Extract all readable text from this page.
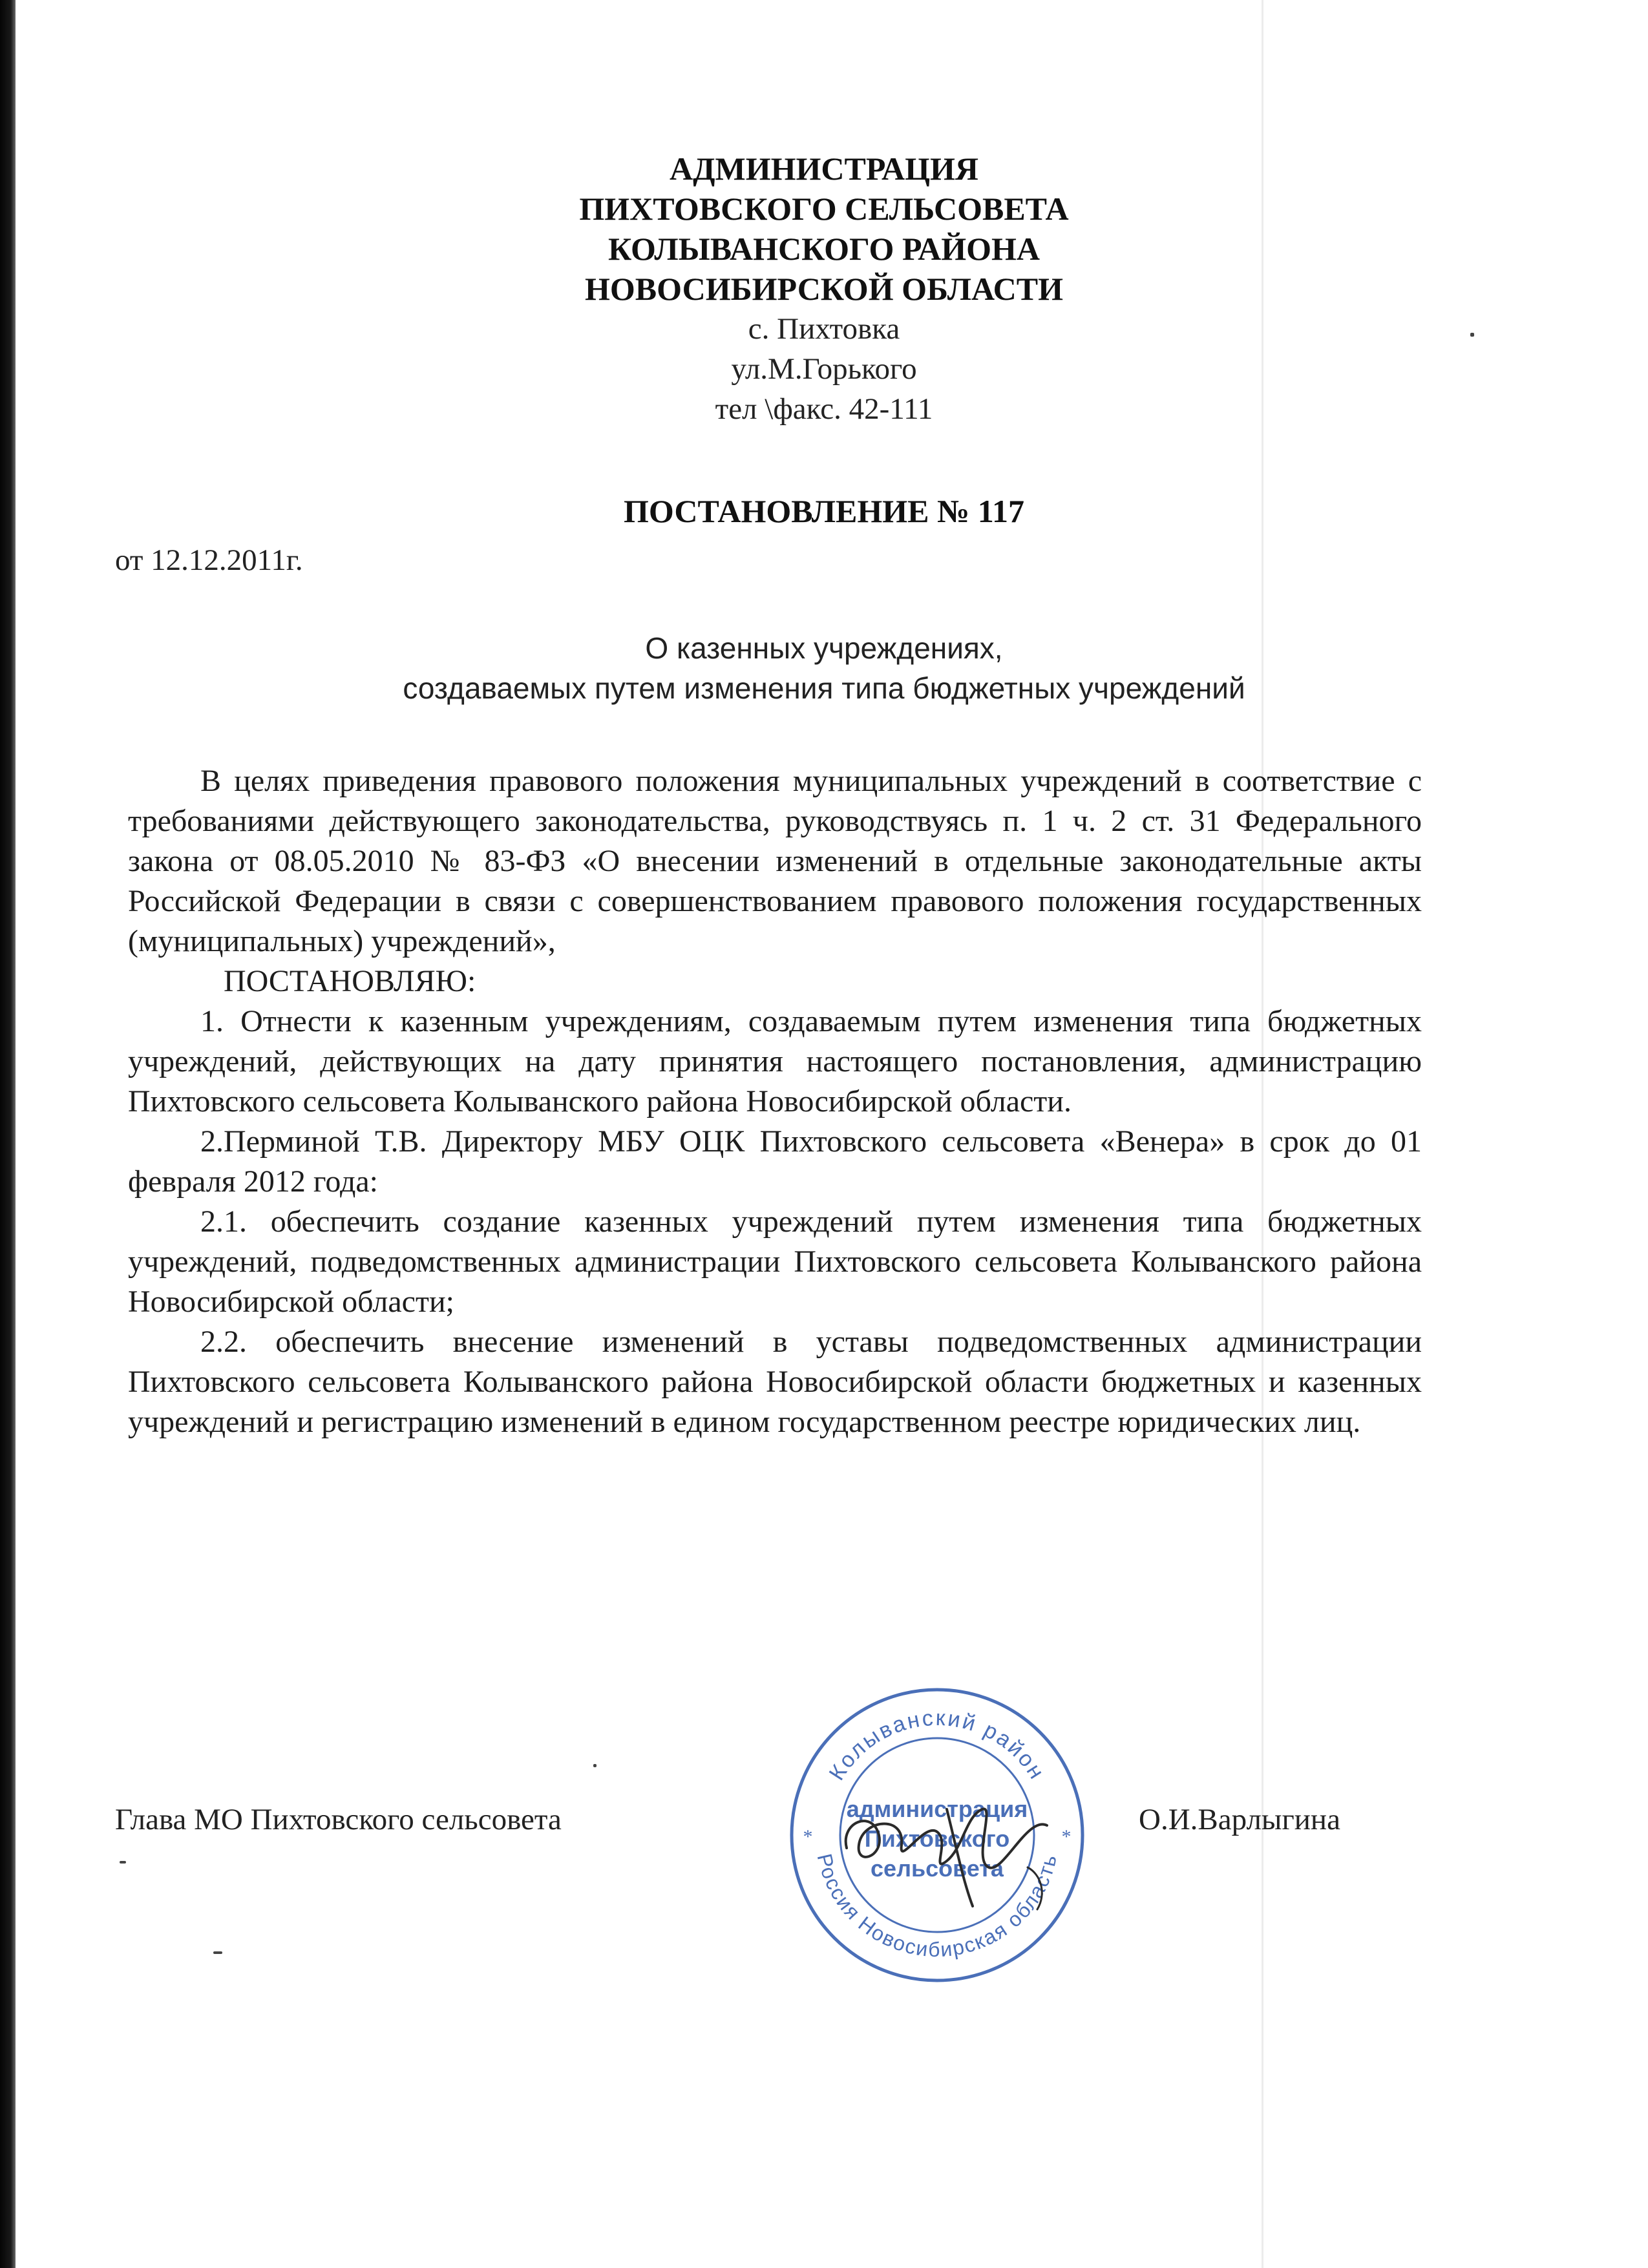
АДМИНИСТРАЦИЯ
ПИХТОВСКОГО СЕЛЬСОВЕТА
КОЛЫВАНСКОГО РАЙОНА
НОВОСИБИРСКОЙ ОБЛАСТИ
с. Пихтовка
ул.М.Горького
тел \факс. 42-111
ПОСТАНОВЛЕНИЕ № 117
от 12.12.2011г.
О казенных учреждениях,
создаваемых путем изменения типа бюджетных учреждений

В целях приведения правового положения муниципальных учреждений в соответствие с требованиями действующего законодательства, руководствуясь п. 1 ч. 2 ст. 31 Федерального закона от 08.05.2010 № 83-ФЗ «О внесении изменений в отдельные законодательные акты Российской Федерации в связи с совершенствованием правового положения государственных (муниципальных) учреждений»,

ПОСТАНОВЛЯЮ:

1. Отнести к казенным учреждениям, создаваемым путем изменения типа бюджетных учреждений, действующих на дату принятия настоящего постановления, администрацию Пихтовского сельсовета Колыванского района Новосибирской области.

2.Перминой Т.В. Директору МБУ ОЦК Пихтовского сельсовета «Венера» в срок до 01 февраля 2012 года:

2.1. обеспечить создание казенных учреждений путем изменения типа бюджетных учреждений, подведомственных администрации Пихтовского сельсовета Колыванского района Новосибирской области;

2.2. обеспечить внесение изменений в уставы подведомственных администрации Пихтовского сельсовета Колыванского района Новосибирской области бюджетных и казенных учреждений и регистрацию изменений в едином государственном реестре юридических лиц.

Глава МО Пихтовского сельсовета	О.И.Варлыгина
Колыванский район
Россия Новосибирская область
*	*
администрация
Пихтовского
сельсовета
